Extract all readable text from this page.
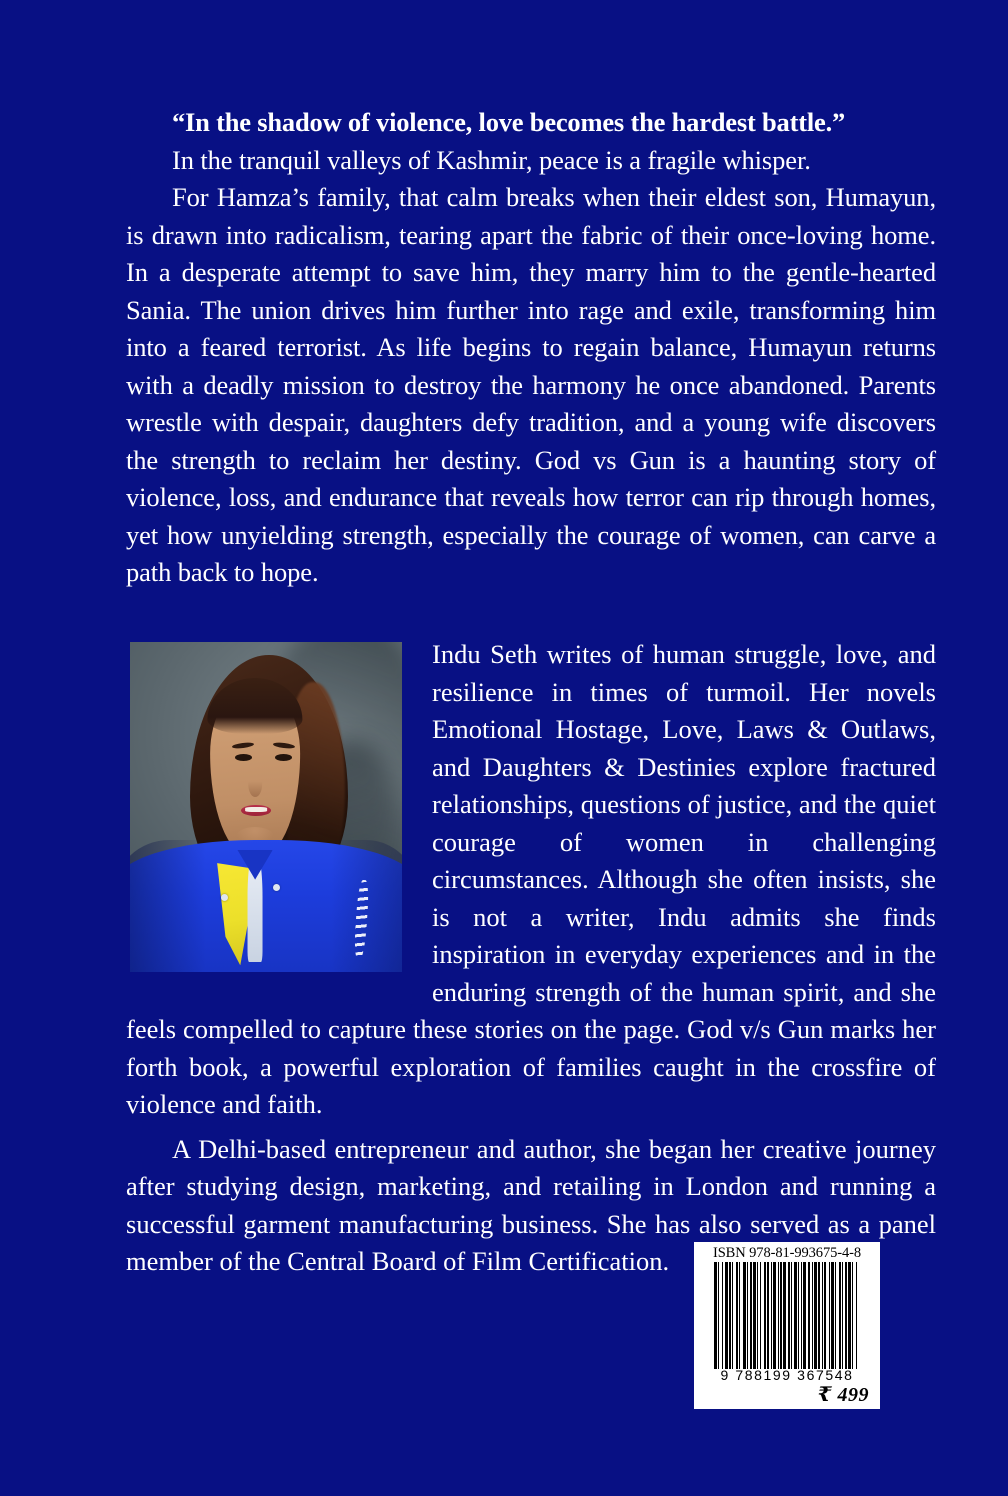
“In the shadow of violence, love becomes the hardest battle.”

In the tranquil valleys of Kashmir, peace is a fragile whisper.

For Hamza’s family, that calm breaks when their eldest son, Humayun, is drawn into radicalism, tearing apart the fabric of their once-loving home. In a desperate attempt to save him, they marry him to the gentle-hearted Sania. The union drives him further into rage and exile, transforming him into a feared terrorist. As life begins to regain balance, Humayun returns with a deadly mission to destroy the harmony he once abandoned. Parents wrestle with despair, daughters defy tradition, and a young wife discovers the strength to reclaim her destiny. God vs Gun is a haunting story of violence, loss, and endurance that reveals how terror can rip through homes, yet how unyielding strength, especially the courage of women, can carve a path back to hope.

Indu Seth writes of human struggle, love, and resilience in times of turmoil. Her novels Emotional Hostage, Love, Laws & Outlaws, and Daughters & Destinies explore fractured relationships, questions of justice, and the quiet courage of women in challenging circumstances. Although she often insists, she is not a writer, Indu admits she finds inspiration in everyday experiences and in the enduring strength of the human spirit, and she feels compelled to capture these stories on the page. God v/s Gun marks her forth book, a powerful exploration of families caught in the crossfire of violence and faith.

A Delhi-based entrepreneur and author, she began her creative journey after studying design, marketing, and retailing in London and running a successful garment manufacturing business. She has also served as a panel member of the Central Board of Film Certification.	ISBN 978-81-993675-4-8
9 788199 367548
₹ 499
